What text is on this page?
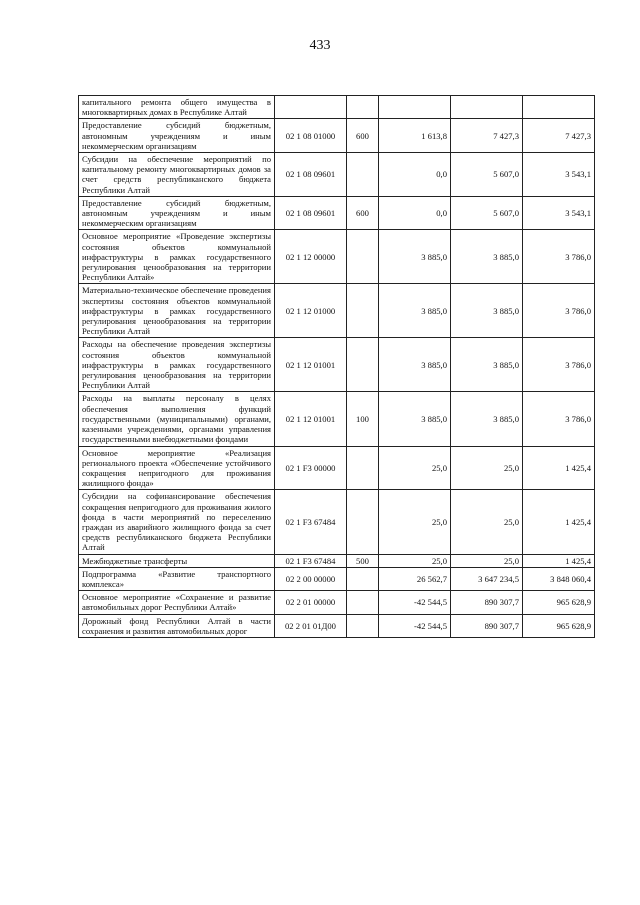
433
капитального ремонта общего имущества в многоквартирных домах в Республике Алтай					
Предоставление субсидий бюджетным, автономным учреждениям и иным некоммерческим организациям	02 1 08 01000	600	1 613,8	7 427,3	7 427,3
Субсидии на обеспечение мероприятий по капитальному ремонту многоквартирных домов за счет средств республиканского бюджета Республики Алтай	02 1 08 09601		0,0	5 607,0	3 543,1
Предоставление субсидий бюджетным, автономным учреждениям и иным некоммерческим организациям	02 1 08 09601	600	0,0	5 607,0	3 543,1
Основное мероприятие «Проведение экспертизы состояния объектов коммунальной инфраструктуры в рамках государственного регулирования ценообразования на территории Республики Алтай»	02 1 12 00000		3 885,0	3 885,0	3 786,0
Материально-техническое обеспечение проведения экспертизы состояния объектов коммунальной инфраструктуры в рамках государственного регулирования ценообразования на территории Республики Алтай	02 1 12 01000		3 885,0	3 885,0	3 786,0
Расходы на обеспечение проведения экспертизы состояния объектов коммунальной инфраструктуры в рамках государственного регулирования ценообразования на территории Республики Алтай	02 1 12 01001		3 885,0	3 885,0	3 786,0
Расходы на выплаты персоналу в целях обеспечения выполнения функций государственными (муниципальными) органами, казенными учреждениями, органами управления государственными внебюджетными фондами	02 1 12 01001	100	3 885,0	3 885,0	3 786,0
Основное мероприятие «Реализация регионального проекта «Обеспечение устойчивого сокращения непригодного для проживания жилищного фонда»	02 1 F3 00000		25,0	25,0	1 425,4
Субсидии на софинансирование обеспечения сокращения непригодного для проживания жилого фонда в части мероприятий по переселению граждан из аварийного жилищного фонда за счет средств республиканского бюджета Республики Алтай	02 1 F3 67484		25,0	25,0	1 425,4
Межбюджетные трансферты	02 1 F3 67484	500	25,0	25,0	1 425,4
Подпрограмма «Развитие транспортного комплекса»	02 2 00 00000		26 562,7	3 647 234,5	3 848 060,4
Основное мероприятие «Сохранение и развитие автомобильных дорог Республики Алтай»	02 2 01 00000		-42 544,5	890 307,7	965 628,9
Дорожный фонд Республики Алтай в части сохранения и развития автомобильных дорог	02 2 01 01Д00		-42 544,5	890 307,7	965 628,9
